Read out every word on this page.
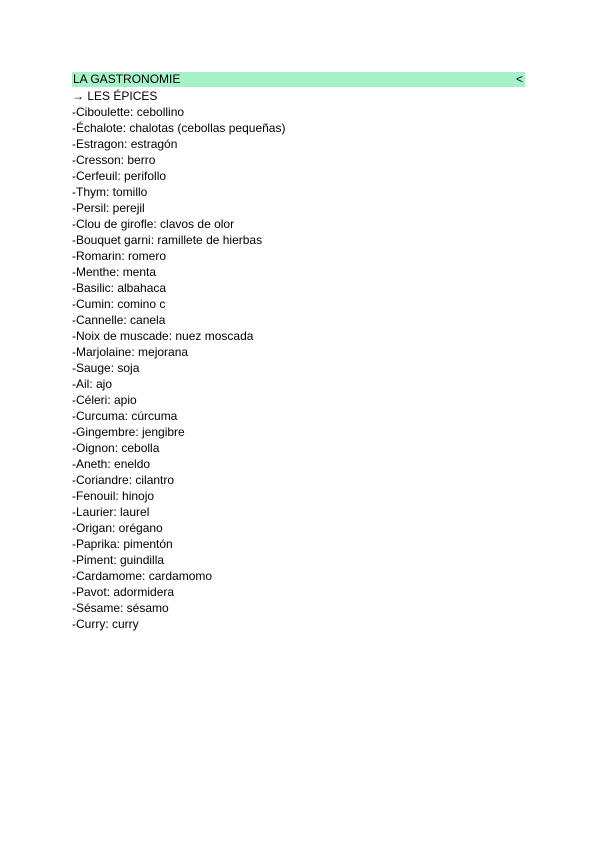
LA GASTRONOMIE	<
→ LES ÉPICES
-Ciboulette: cebollino
-Échalote: chalotas (cebollas pequeñas)
-Estragon: estragón
-Cresson: berro
-Cerfeuil: perifollo
-Thym: tomillo
-Persil: perejil
-Clou de girofle: clavos de olor
-Bouquet garni: ramillete de hierbas
-Romarin: romero
-Menthe: menta
-Basilic: albahaca
-Cumin: comino c
-Cannelle: canela
-Noix de muscade: nuez moscada
-Marjolaine: mejorana
-Sauge: soja
-Ail: ajo
-Céleri: apio
-Curcuma: cúrcuma
-Gingembre: jengibre
-Oignon: cebolla
-Aneth: eneldo
-Coriandre: cilantro
-Fenouil: hinojo
-Laurier: laurel
-Origan: orégano
-Paprika: pimentón
-Piment: guindilla
-Cardamome: cardamomo
-Pavot: adormidera
-Sésame: sésamo
-Curry: curry
